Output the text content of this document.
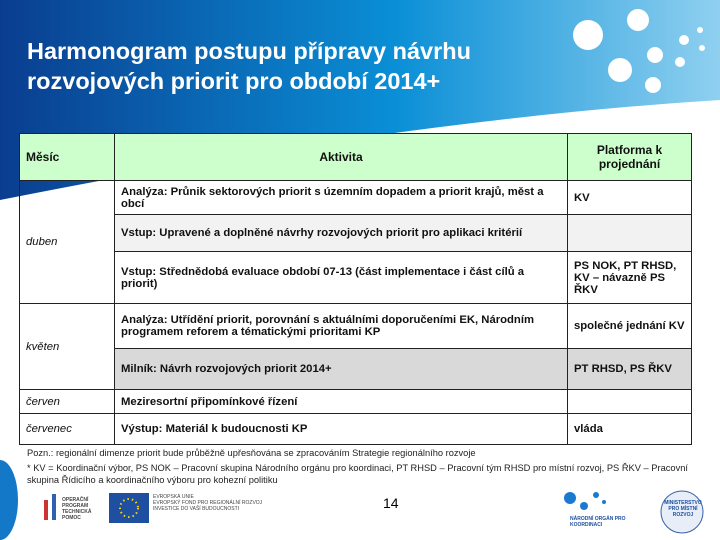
Harmonogram postupu přípravy návrhu
rozvojových priorit pro období 2014+
Měsíc	Aktivita	Platforma k projednání
duben	Analýza: Průnik sektorových priorit s územním dopadem a priorit krajů, měst a obcí	KV
	Vstup: Upravené a doplněné návrhy rozvojových priorit pro aplikaci kritérií	
	Vstup: Střednědobá evaluace období 07-13 (část implementace i část cílů a priorit)	PS NOK, PT RHSD, KV – návazně PS ŘKV
květen	Analýza: Utřídění priorit, porovnání s aktuálními doporučeními EK, Národním programem reforem a tématickými prioritami KP	společné jednání KV
	Milník: Návrh rozvojových priorit 2014+	PT RHSD, PS ŘKV
červen	Meziresortní připomínkové řízení	
červenec	Výstup: Materiál k budoucnosti KP	vláda
Pozn.: regionální dimenze priorit bude průběžně upřesňována se zpracováním Strategie regionálního rozvoje
* KV = Koordinační výbor, PS NOK – Pracovní skupina Národního orgánu pro koordinaci, PT RHSD – Pracovní tým RHSD pro místní rozvoj, PS ŘKV – Pracovní skupina Řídicího a koordinačního výboru pro kohezní politiku
14
OPERAČNÍ PROGRAM TECHNICKÁ POMOC
EVROPSKÁ UNIE
EVROPSKÝ FOND PRO REGIONÁLNÍ ROZVOJ
INVESTICE DO VAŠÍ BUDOUCNOSTI
NÁRODNÍ ORGÁN PRO KOORDINACI
MINISTERSTVO PRO MÍSTNÍ ROZVOJ
